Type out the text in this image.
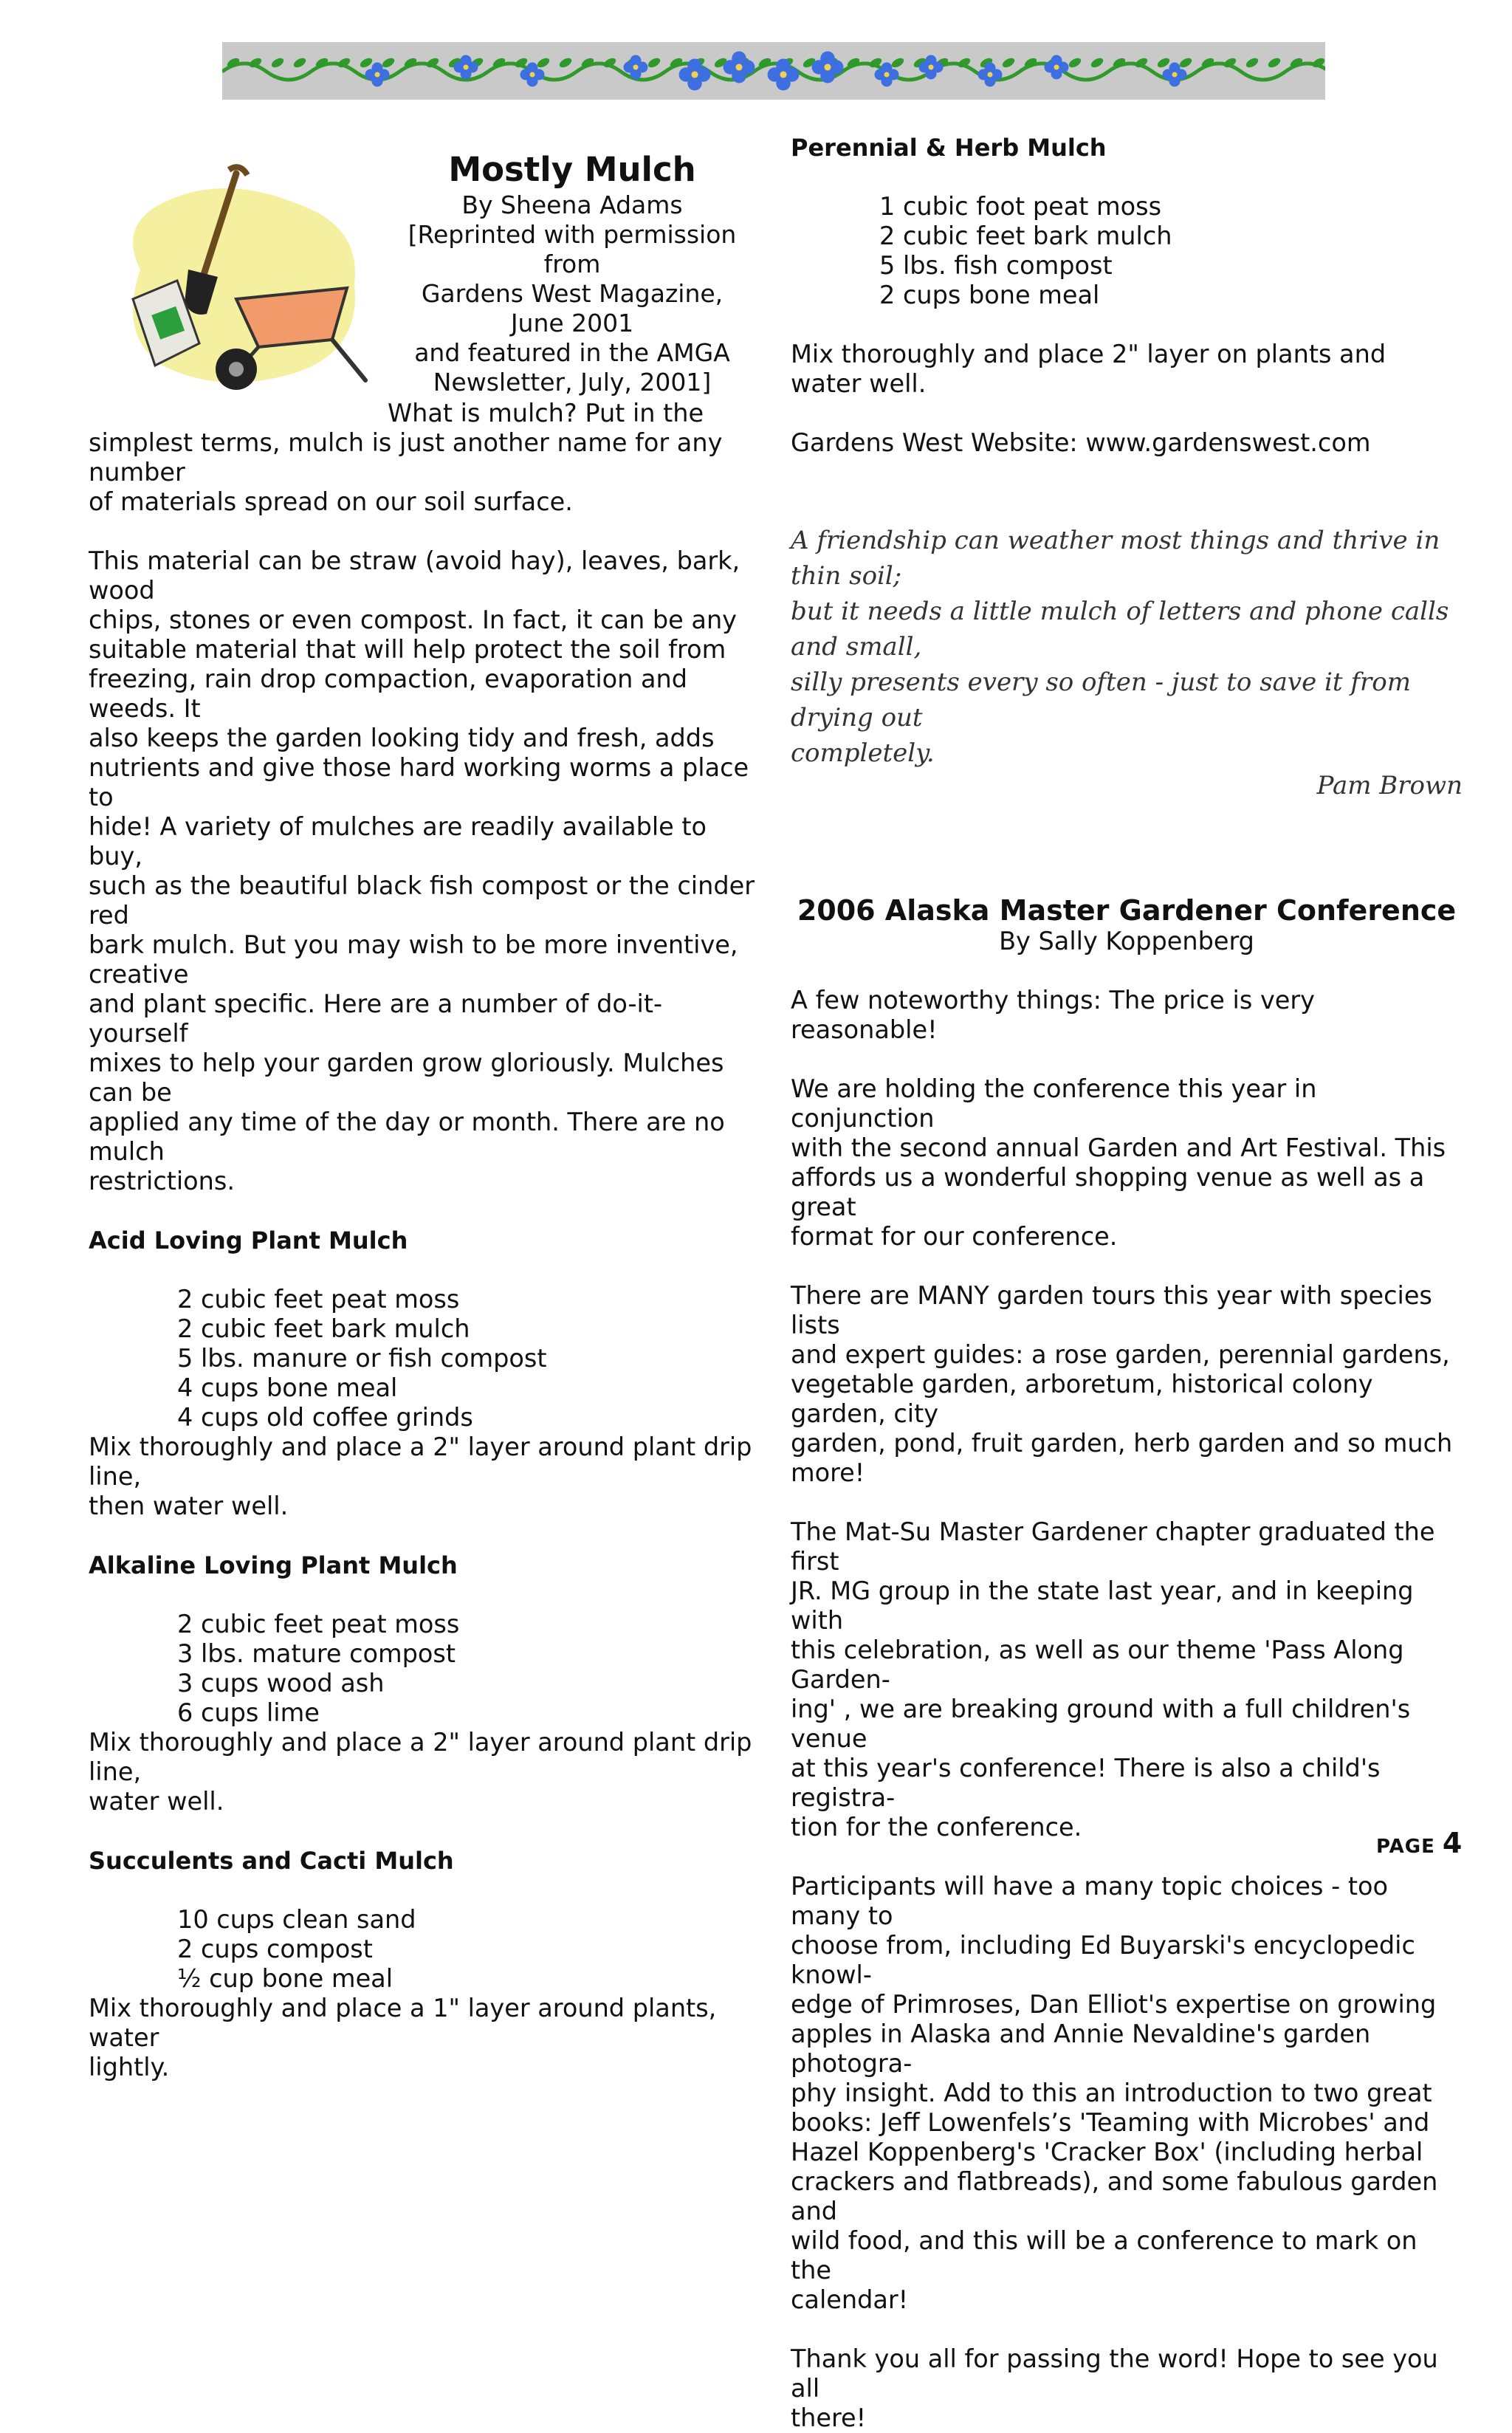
Mostly Mulch

By Sheena Adams

[Reprinted with permission from

Gardens West Magazine,

June 2001

and featured in the AMGA

Newsletter, July, 2001]

What is mulch? Put in the

simplest terms, mulch is just another name for any number

of materials spread on our soil surface.

This material can be straw (avoid hay), leaves, bark, wood

chips, stones or even compost. In fact, it can be any

suitable material that will help protect the soil from

freezing, rain drop compaction, evaporation and weeds. It

also keeps the garden looking tidy and fresh, adds

nutrients and give those hard working worms a place to

hide! A variety of mulches are readily available to buy,

such as the beautiful black fish compost or the cinder red

bark mulch. But you may wish to be more inventive, creative

and plant specific. Here are a number of do-it-yourself

mixes to help your garden grow gloriously. Mulches can be

applied any time of the day or month. There are no mulch

restrictions.

Acid Loving Plant Mulch

2 cubic feet peat moss

2 cubic feet bark mulch

5 lbs. manure or fish compost

4 cups bone meal

4 cups old coffee grinds

Mix thoroughly and place a 2" layer around plant drip line,

then water well.

Alkaline Loving Plant Mulch

2 cubic feet peat moss

3 lbs. mature compost

3 cups wood ash

6 cups lime

Mix thoroughly and place a 2" layer around plant drip line,

water well.

Succulents and Cacti Mulch

10 cups clean sand

2 cups compost

½ cup bone meal

Mix thoroughly and place a 1" layer around plants, water

lightly.

Perennial & Herb Mulch

1 cubic foot peat moss

2 cubic feet bark mulch

5 lbs. fish compost

2 cups bone meal

Mix thoroughly and place 2" layer on plants and water well.

Gardens West Website: www.gardenswest.com

A friendship can weather most things and thrive in thin soil;
but it needs a little mulch of letters and phone calls and small,
silly presents every so often - just to save it from drying out
completely.
Pam Brown

2006 Alaska Master Gardener Conference

By Sally Koppenberg

A few noteworthy things: The price is very reasonable!

We are holding the conference this year in conjunction

with the second annual Garden and Art Festival. This

affords us a wonderful shopping venue as well as a great

format for our conference.

There are MANY garden tours this year with species lists

and expert guides: a rose garden, perennial gardens,

vegetable garden, arboretum, historical colony garden, city

garden, pond, fruit garden, herb garden and so much more!

The Mat-Su Master Gardener chapter graduated the first

JR. MG group in the state last year, and in keeping with

this celebration, as well as our theme 'Pass Along Garden-

ing' , we are breaking ground with a full children's venue

at this year's conference! There is also a child's registra-

tion for the conference.

Participants will have a many topic choices - too many to

choose from, including Ed Buyarski's encyclopedic knowl-

edge of Primroses, Dan Elliot's expertise on growing

apples in Alaska and Annie Nevaldine's garden photogra-

phy insight. Add to this an introduction to two great

books: Jeff Lowenfels’s 'Teaming with Microbes' and

Hazel Koppenberg's 'Cracker Box' (including herbal

crackers and flatbreads), and some fabulous garden and

wild food, and this will be a conference to mark on the

calendar!

Thank you all for passing the word! Hope to see you all

there!

PAGE 4
